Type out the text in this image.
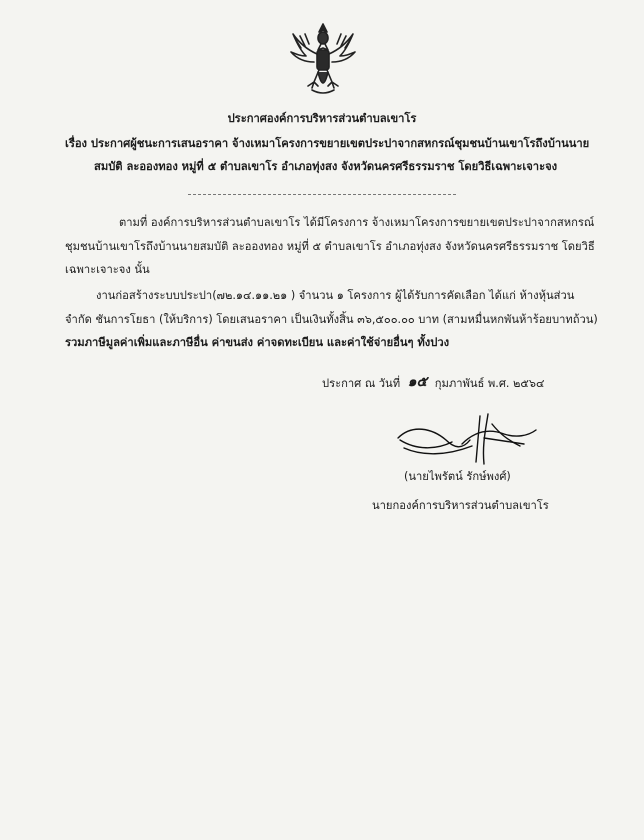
ประกาศองค์การบริหารส่วนตำบลเขาโร
เรื่อง ประกาศผู้ชนะการเสนอราคา จ้างเหมาโครงการขยายเขตประปาจากสหกรณ์ชุมชนบ้านเขาโรถึงบ้านนาย
สมบัติ ละอองทอง หมู่ที่ ๕ ตำบลเขาโร อำเภอทุ่งสง จังหวัดนครศรีธรรมราช โดยวิธีเฉพาะเจาะจง
ตามที่ องค์การบริหารส่วนตำบลเขาโร ได้มีโครงการ จ้างเหมาโครงการขยายเขตประปาจากสหกรณ์
ชุมชนบ้านเขาโรถึงบ้านนายสมบัติ ละอองทอง หมู่ที่ ๕ ตำบลเขาโร อำเภอทุ่งสง จังหวัดนครศรีธรรมราช โดยวิธี
เฉพาะเจาะจง นั้น
งานก่อสร้างระบบประปา(๗๒.๑๔.๑๑.๒๑ ) จำนวน ๑ โครงการ ผู้ได้รับการคัดเลือก ได้แก่ ห้างหุ้นส่วน
จำกัด ชันการโยธา (ให้บริการ) โดยเสนอราคา เป็นเงินทั้งสิ้น ๓๖,๕๐๐.๐๐ บาท (สามหมื่นหกพันห้าร้อยบาทถ้วน)
รวมภาษีมูลค่าเพิ่มและภาษีอื่น ค่าขนส่ง ค่าจดทะเบียน และค่าใช้จ่ายอื่นๆ ทั้งปวง
ประกาศ ณ วันที่ ๑๕ กุมภาพันธ์ พ.ศ. ๒๕๖๔
(นายไพรัตน์ รักษ์พงศ์)
นายกองค์การบริหารส่วนตำบลเขาโร
